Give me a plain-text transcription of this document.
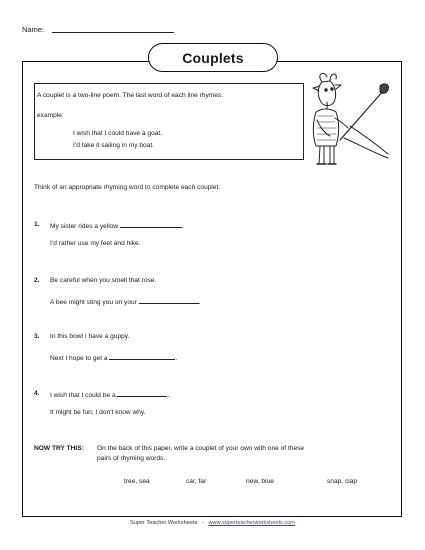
Name:
Couplets
A couplet is a two-line poem. The last word of each line rhymes.
example:
I wish that I could have a goat.
I’d take it sailing in my boat.
Think of an appropriate rhyming word to complete each couplet.
1. My sister rides a yellow	.
I’d rather use my feet and hike.
2. Be careful when you smell that rose.
A bee might sting you on your	.
3. In this bowl I have a guppy.
Next I hope to get a	.
4. I wish that I could be a	.
It might be fun; I don’t know why.
NOW TRY THIS: On the back of this paper, write a couplet of your own with one of these
pairs of rhyming words.
tree, sea	car, far	new, blue	snap, clap
Super Teacher Worksheets - www.superteacherworksheets.com
